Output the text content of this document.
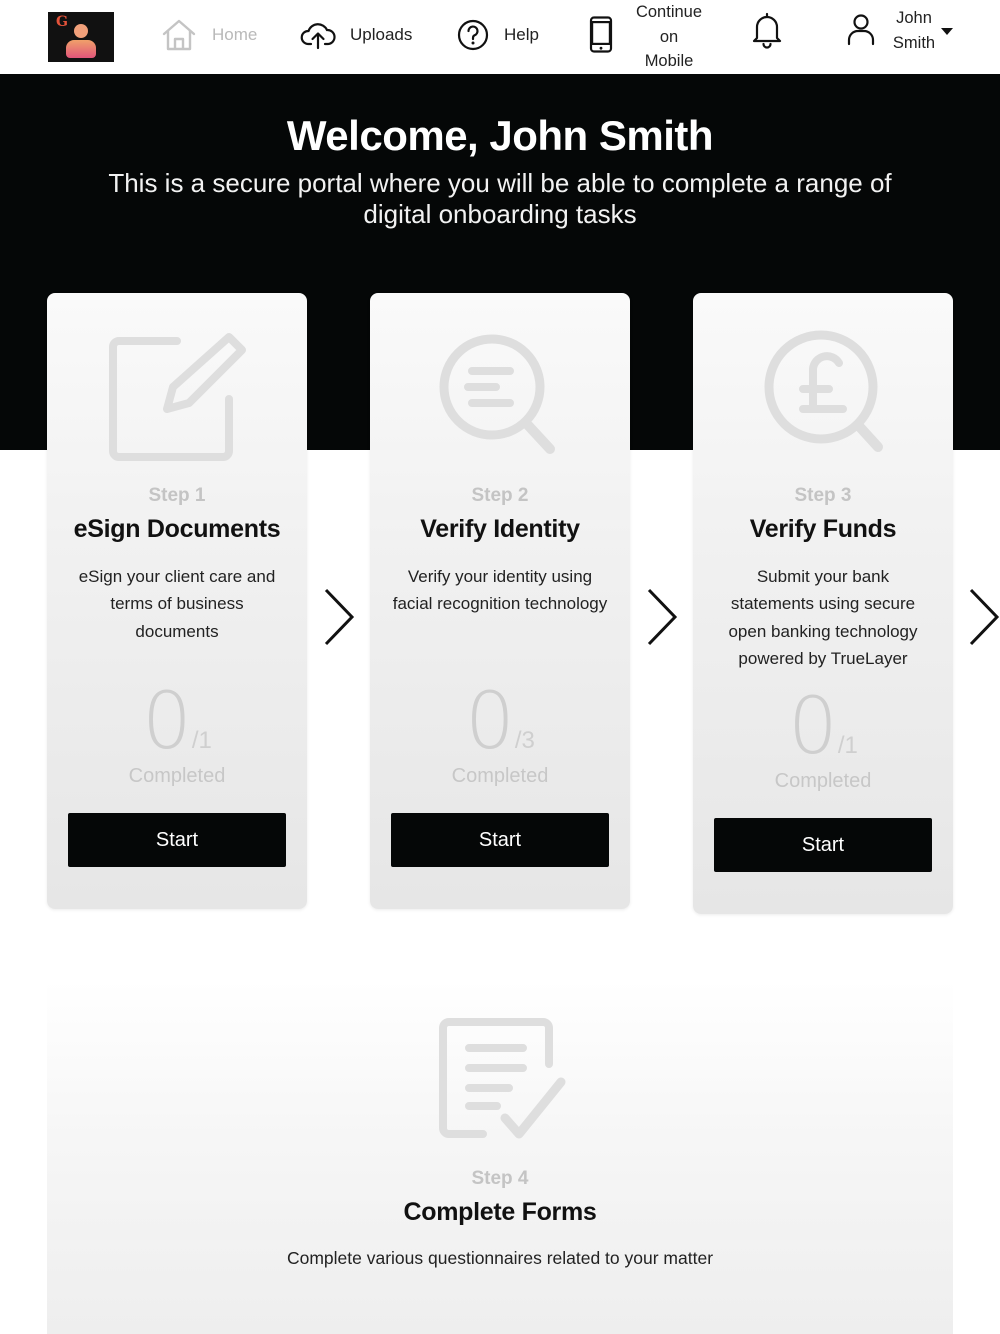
G
Home	Uploads	Help
Continue
on
Mobile
John
Smith
Welcome, John Smith

This is a secure portal where you will be able to complete a range of digital onboarding tasks

Step 1
eSign Documents
eSign your client care and terms of business documents
0/1
Completed
Start
Step 2
Verify Identity
Verify your identity using facial recognition technology
0/3
Completed
Start
Step 3
Verify Funds
Submit your bank statements using secure open banking technology powered by TrueLayer
0/1
Completed
Start
Step 4
Complete Forms
Complete various questionnaires related to your matter
